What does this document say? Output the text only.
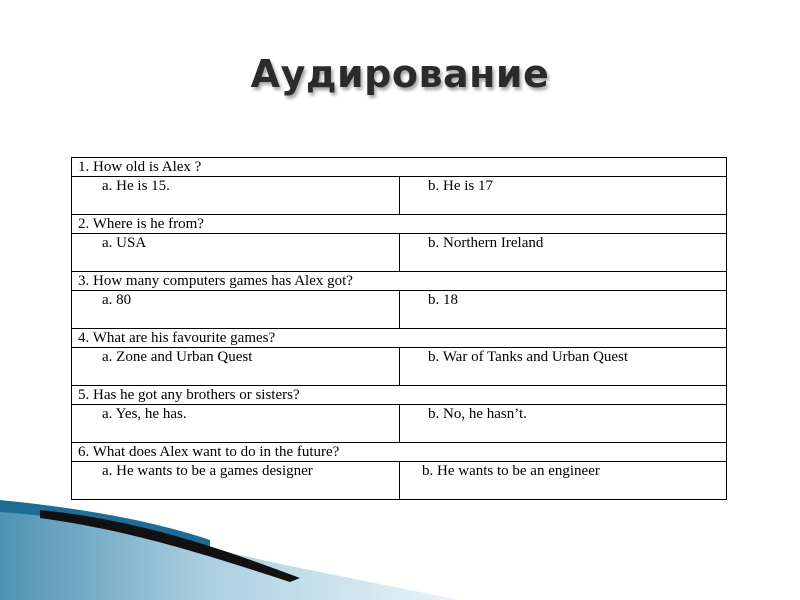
Аудирование
1. How old is Alex ?	
a. He is 15.	b. He is 17
2. Where is he from?	
a. USA	b. Northern Ireland
3. How many computers games has Alex got?	
a. 80	b. 18
4. What are his favourite games?	
a. Zone and Urban Quest	b. War of Tanks and Urban Quest
5. Has he got any brothers or sisters?	
a. Yes, he has.	b. No, he hasn’t.
6. What does Alex want to do in the future?	
a. He wants to be a games designer	b. He wants to be an engineer
